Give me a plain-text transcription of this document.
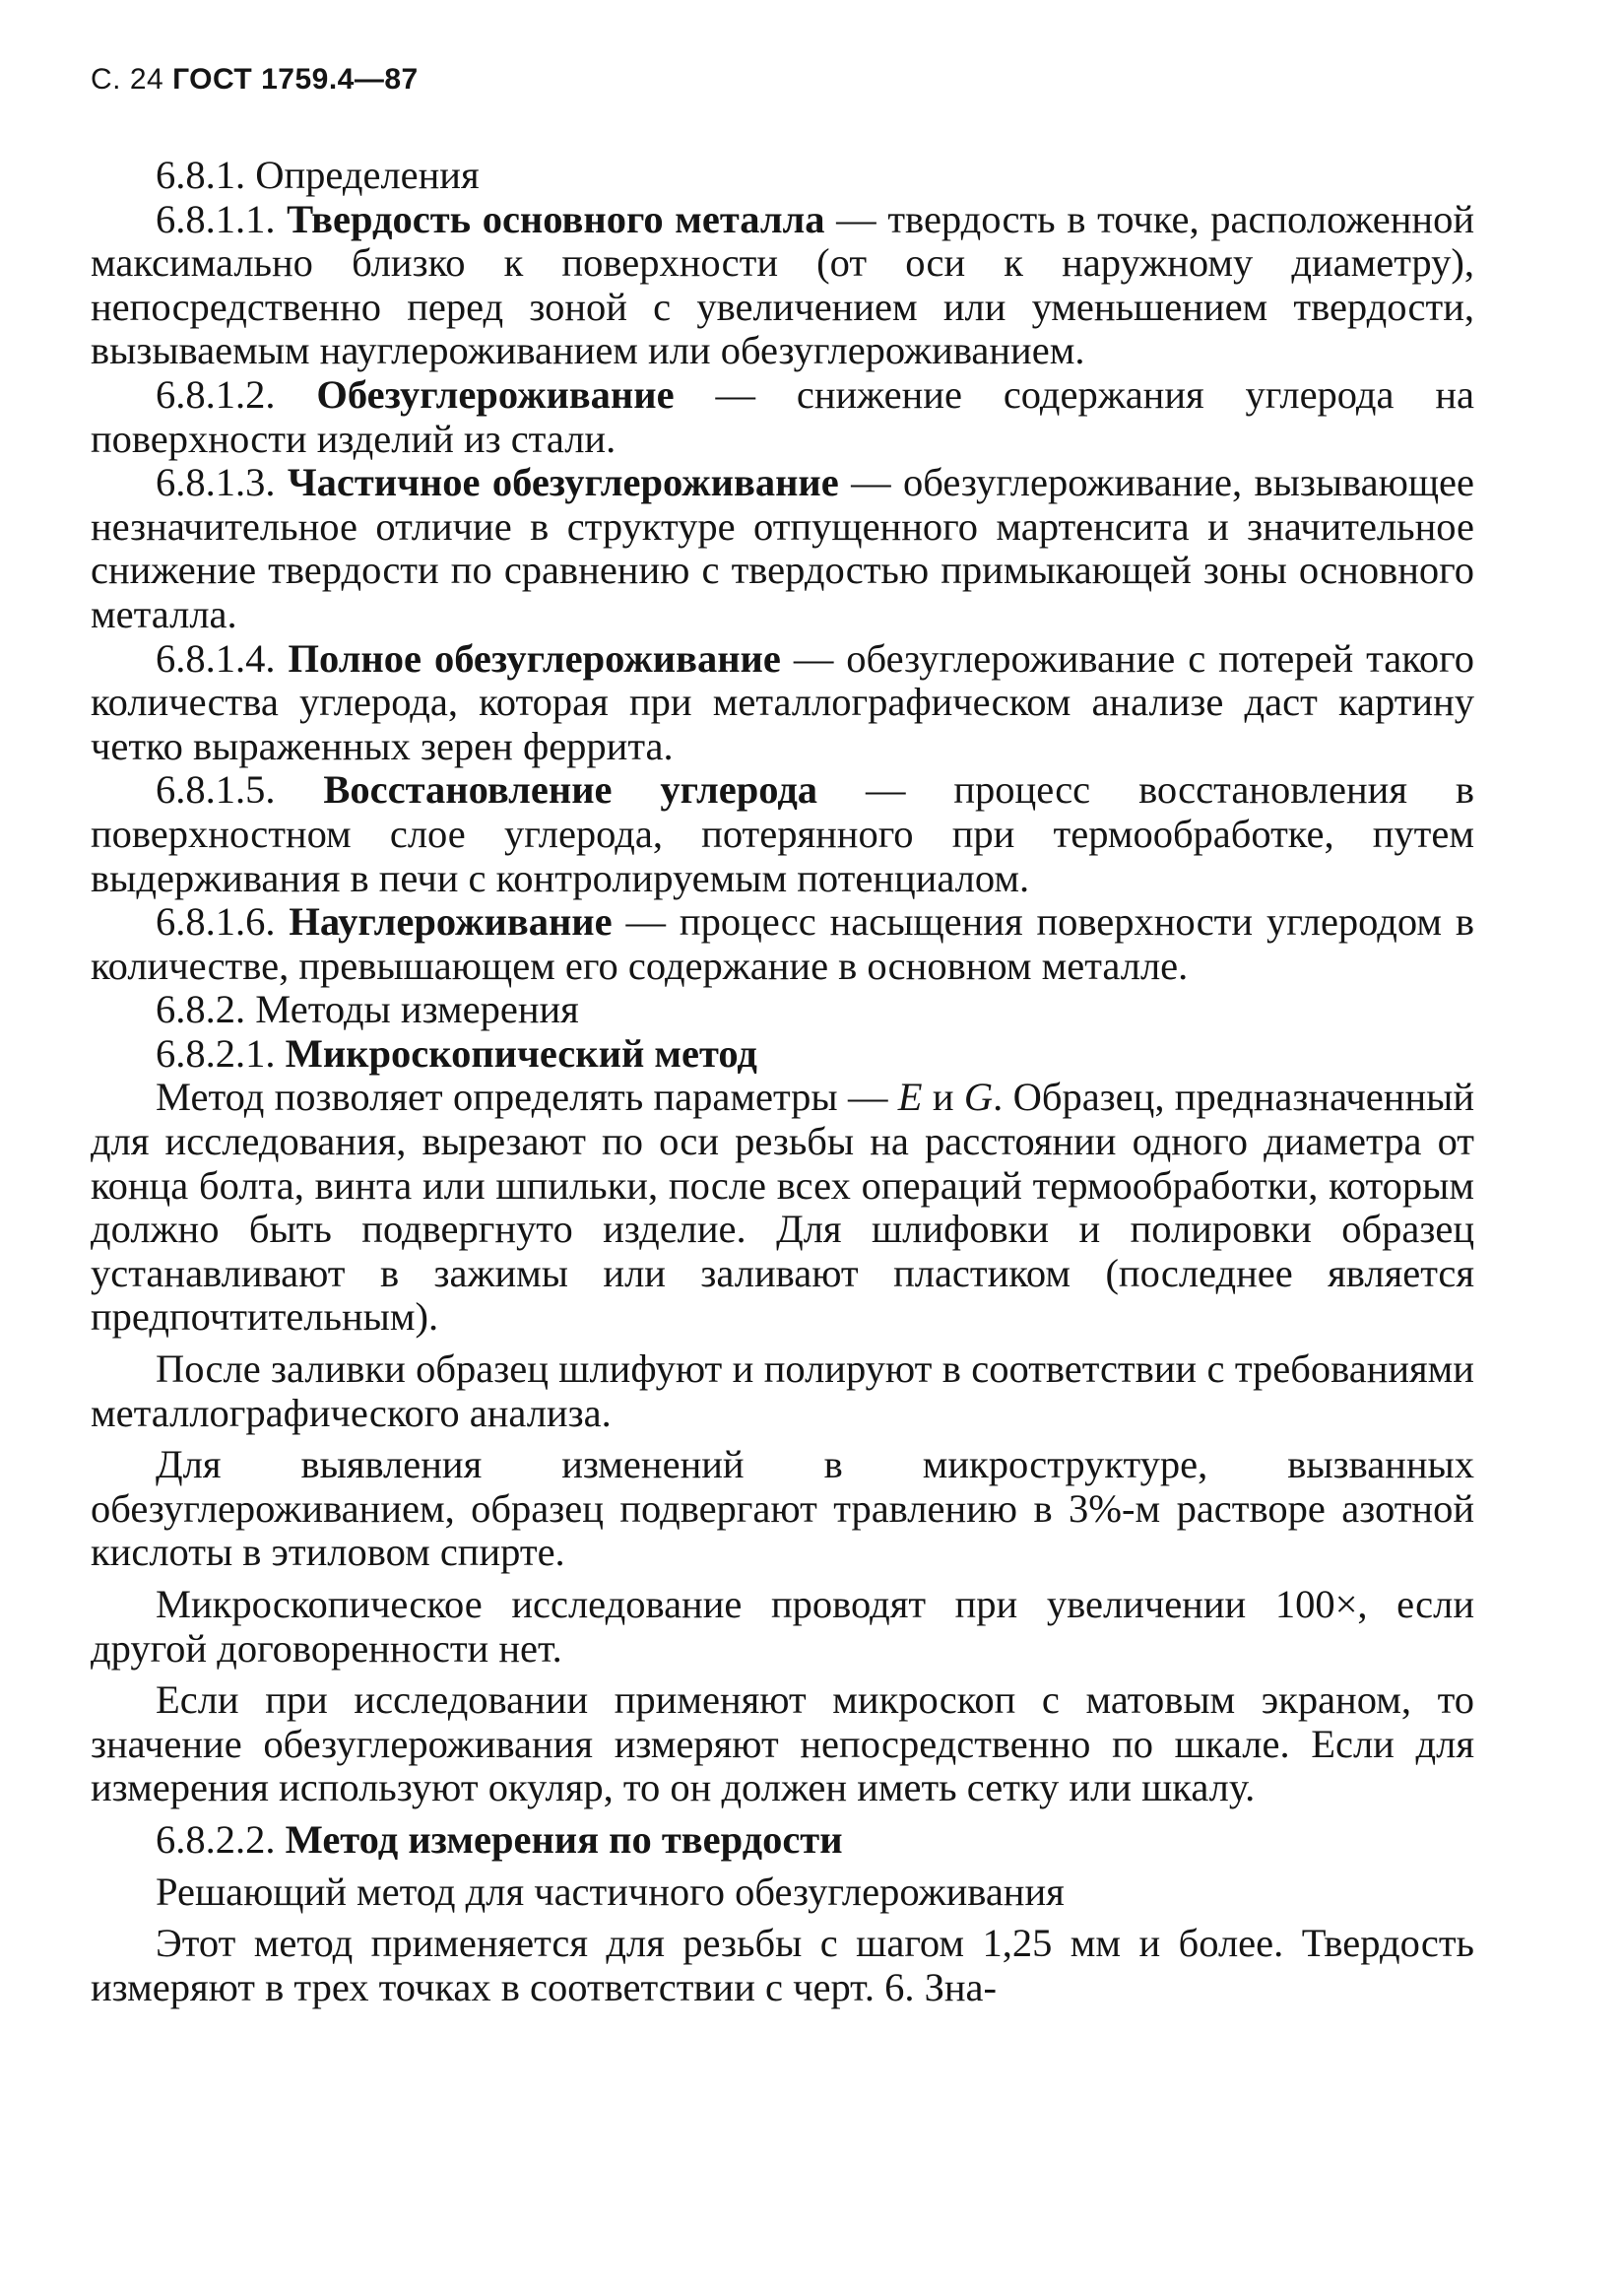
С. 24 ГОСТ 1759.4—87

6.8.1. Определения

6.8.1.1. Твердость основного металла — твердость в точке, расположенной максимально близко к поверхности (от оси к наружному диаметру), непосредственно перед зоной с увеличением или уменьшением твердости, вызываемым науглероживанием или обезуглероживанием.

6.8.1.2. Обезуглероживание — снижение содержания углерода на поверхности изделий из стали.

6.8.1.3. Частичное обезуглероживание — обезуглероживание, вызывающее незначительное отличие в структуре отпущенного мартенсита и значительное снижение твердости по сравнению с твердостью примыкающей зоны основного металла.

6.8.1.4. Полное обезуглероживание — обезуглероживание с потерей такого количества углерода, которая при металлографическом анализе даст картину четко выраженных зерен феррита.

6.8.1.5. Восстановление углерода — процесс восстановления в поверхностном слое углерода, потерянного при термообработке, путем выдерживания в печи с контролируемым потенциалом.

6.8.1.6. Науглероживание — процесс насыщения поверхности углеродом в количестве, превышающем его содержание в основном металле.

6.8.2. Методы измерения

6.8.2.1. Микроскопический метод

Метод позволяет определять параметры — E и G. Образец, предназначенный для исследования, вырезают по оси резьбы на расстоянии одного диаметра от конца болта, винта или шпильки, после всех операций термообработки, которым должно быть подвергнуто изделие. Для шлифовки и полировки образец устанавливают в зажимы или заливают пластиком (последнее является предпочтительным).

После заливки образец шлифуют и полируют в соответствии с требованиями металлографического анализа.

Для выявления изменений в микроструктуре, вызванных обезуглероживанием, образец подвергают травлению в 3%-м растворе азотной кислоты в этиловом спирте.

Микроскопическое исследование проводят при увеличении 100×, если другой договоренности нет.

Если при исследовании применяют микроскоп с матовым экраном, то значение обезуглероживания измеряют непосредственно по шкале. Если для измерения используют окуляр, то он должен иметь сетку или шкалу.

6.8.2.2. Метод измерения по твердости

Решающий метод для частичного обезуглероживания

Этот метод применяется для резьбы с шагом 1,25 мм и более. Твердость измеряют в трех точках в соответствии с черт. 6. Зна-
